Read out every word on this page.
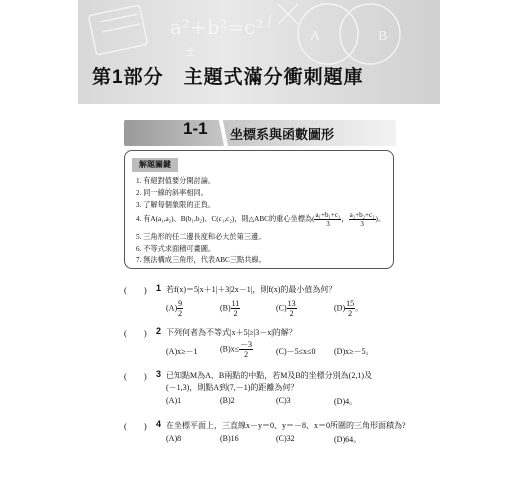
a²+b²=c²
±
∫
A	B
第1部分　主題式滿分衝刺題庫
1-1 坐標系與函數圖形
解題關鍵
1. 有絕對值要分開討論。
2. 同一線的斜率相同。
3. 了解每個象限的正負。
4. 有A(a₁,a₂)、B(b₁,b₂)、C(c₁,c₂)，則△ABC的重心坐標為( $\frac{\text{a₁+b₁+c₁}}{3}$ ， $\frac{\text{a₂+b₂+c₂}}{3}$ )。
5. 三角形的任二邊長度和必大於第三邊。
6. 不等式求面積可畫圖。
7. 無法構成三角形，代表ABC三點共線。
(　　) 1 若f(x)＝5|x＋1|＋3|2x－1|，則f(x)的最小值為何？
$(A) \frac{9}{2}$	$(B) \frac{11}{2}$	$(C) \frac{13}{2}$	$(D) \frac{15}{2}$ 。
(　　) 2 下列何者為不等式|x＋5|≥|3－x|的解？
(A)x≥－1	$(B)x\le \frac{-3}{2}$	(C)－5≤x≤0 (D)x≥－5。
(　　) 3 已知點M為A、B兩點的中點，若M及B的坐標分別為(2,1)及
(－1,3)，則點A到(7,－1)的距離為何？
(A)1	(B)2	(C)3	(D)4。
(　　) 4 在坐標平面上，三直線x－y＝0、y＝－8、x＝0所圍的三角形面積為?
(A)8	(B)16	(C)32	(D)64。
